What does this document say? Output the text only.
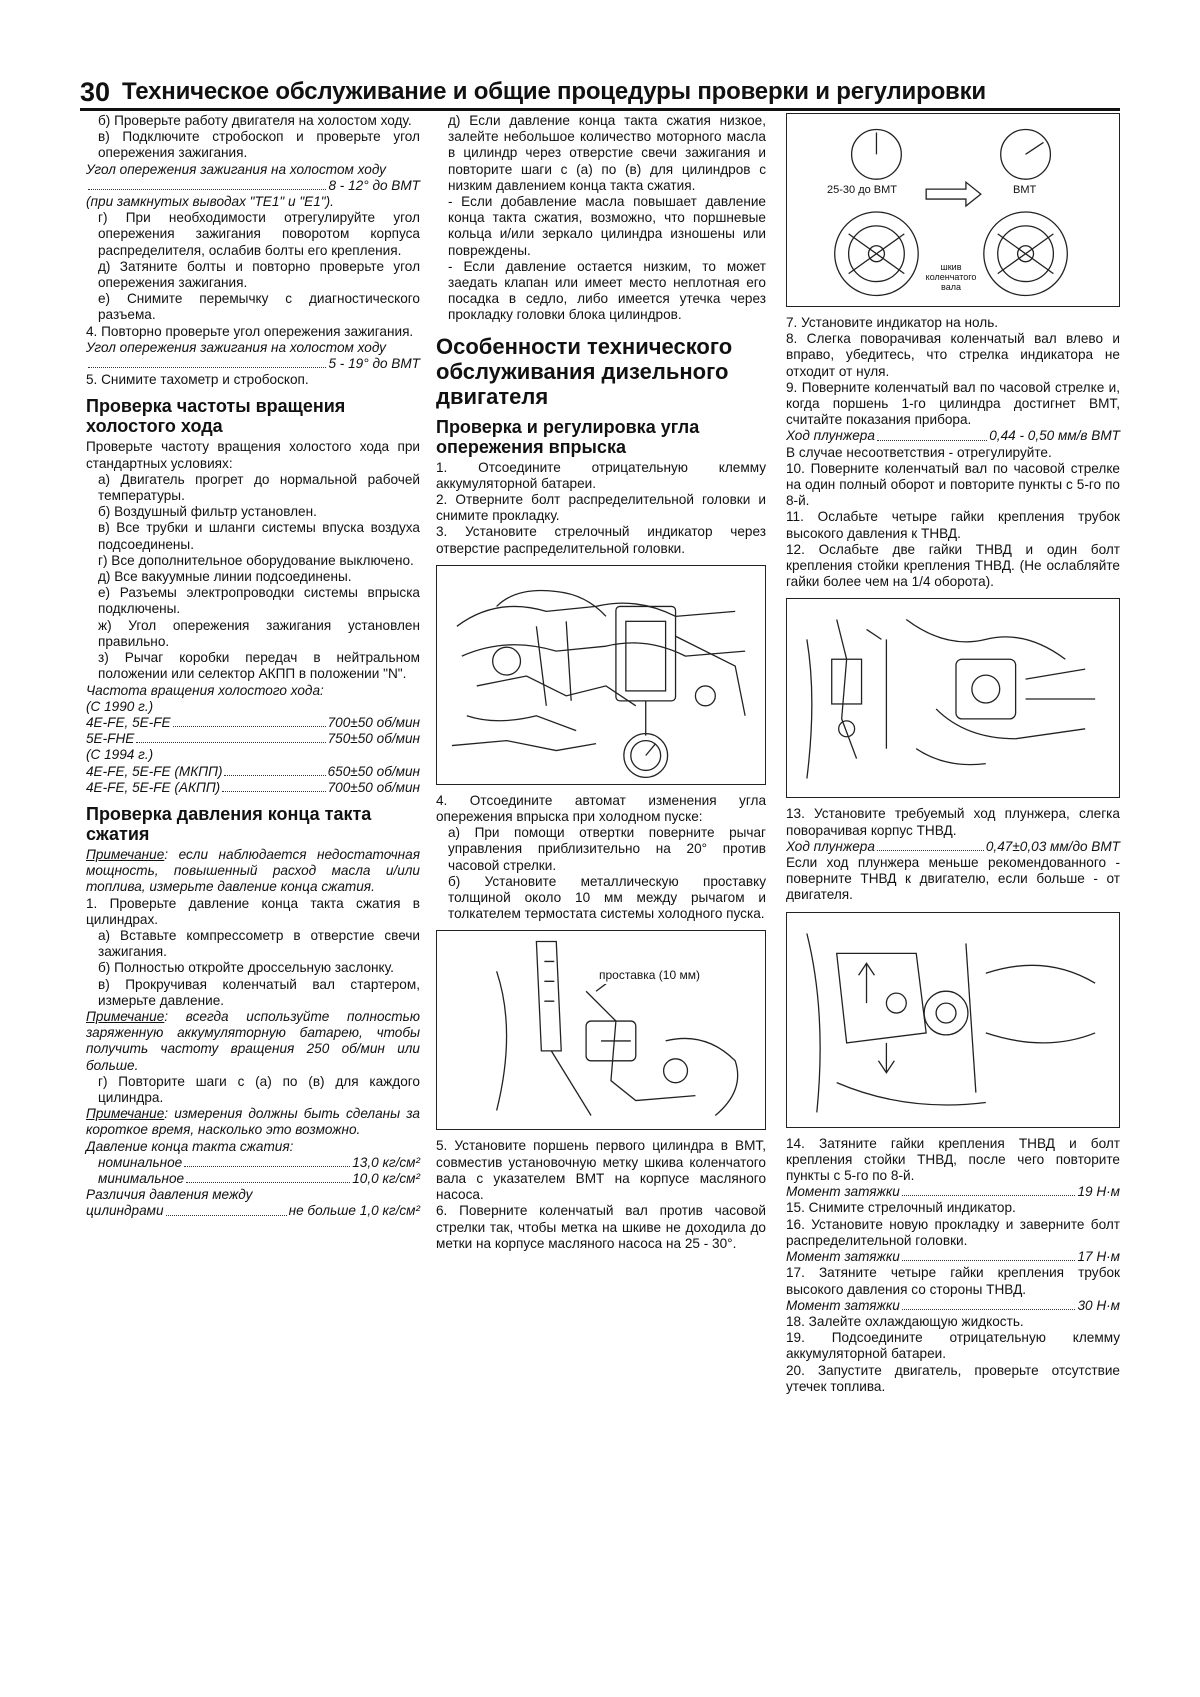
30 Техническое обслуживание и общие процедуры проверки и регулировки

б) Проверьте работу двигателя на холостом ходу.

в) Подключите стробоскоп и проверьте угол опережения зажигания.

Угол опережения зажигания на холостом ходу
8 - 12° до ВМТ

(при замкнутых выводах "TE1" и "E1").

г) При необходимости отрегулируйте угол опережения зажигания поворотом корпуса распределителя, ослабив болты его крепления.

д) Затяните болты и повторно проверьте угол опережения зажигания.

е) Снимите перемычку с диагностического разъема.

4. Повторно проверьте угол опережения зажигания.

Угол опережения зажигания на холостом ходу
5 - 19° до ВМТ

5. Снимите тахометр и стробоскоп.

Проверка частоты вращения холостого хода

Проверьте частоту вращения холостого хода при стандартных условиях:

а) Двигатель прогрет до нормальной рабочей температуры.

б) Воздушный фильтр установлен.

в) Все трубки и шланги системы впуска воздуха подсоединены.

г) Все дополнительное оборудование выключено.

д) Все вакуумные линии подсоединены.

е) Разъемы электропроводки системы впрыска подключены.

ж) Угол опережения зажигания установлен правильно.

з) Рычаг коробки передач в нейтральном положении или селектор АКПП в положении "N".

Частота вращения холостого хода:

(С 1990 г.)

4E-FE, 5E-FE	700±50 об/мин
5E-FHE	750±50 об/мин

(С 1994 г.)

4E-FE, 5E-FE (МКПП)	650±50 об/мин
4E-FE, 5E-FE (АКПП)	700±50 об/мин
Проверка давления конца такта сжатия

Примечание: если наблюдается недостаточная мощность, повышенный расход масла и/или топлива, измерьте давление конца сжатия.

1. Проверьте давление конца такта сжатия в цилиндрах.

а) Вставьте компрессометр в отверстие свечи зажигания.

б) Полностью откройте дроссельную заслонку.

в) Прокручивая коленчатый вал стартером, измерьте давление.

Примечание: всегда используйте полностью заряженную аккумуляторную батарею, чтобы получить частоту вращения 250 об/мин или больше.

г) Повторите шаги с (а) по (в) для каждого цилиндра.

Примечание: измерения должны быть сделаны за короткое время, насколько это возможно.

Давление конца такта сжатия:

номинальное	13,0 кг/см²
минимальное	10,0 кг/см²

Различия давления между

цилиндрами	не больше 1,0 кг/см²

д) Если давление конца такта сжатия низкое, залейте небольшое количество моторного масла в цилиндр через отверстие свечи зажигания и повторите шаги с (а) по (в) для цилиндров с низким давлением конца такта сжатия.

- Если добавление масла повышает давление конца такта сжатия, возможно, что поршневые кольца и/или зеркало цилиндра изношены или повреждены.

- Если давление остается низким, то может заедать клапан или имеет место неплотная его посадка в седло, либо имеется утечка через прокладку головки блока цилиндров.

Особенности технического обслуживания дизельного двигателя
Проверка и регулировка угла опережения впрыска

1. Отсоедините отрицательную клемму аккумуляторной батареи.

2. Отверните болт распределительной головки и снимите прокладку.

3. Установите стрелочный индикатор через отверстие распределительной головки.

4. Отсоедините автомат изменения угла опережения впрыска при холодном пуске:

а) При помощи отвертки поверните рычаг управления приблизительно на 20° против часовой стрелки.

б) Установите металлическую проставку толщиной около 10 мм между рычагом и толкателем термостата системы холодного пуска.

проставка (10 мм)

5. Установите поршень первого цилиндра в ВМТ, совместив установочную метку шкива коленчатого вала с указателем ВМТ на корпусе масляного насоса.

6. Поверните коленчатый вал против часовой стрелки так, чтобы метка на шкиве не доходила до метки на корпусе масляного насоса на 25 - 30°.

25-30 до ВМТ	ВМТ
шкив коленчатого вала

7. Установите индикатор на ноль.

8. Слегка поворачивая коленчатый вал влево и вправо, убедитесь, что стрелка индикатора не отходит от нуля.

9. Поверните коленчатый вал по часовой стрелке и, когда поршень 1-го цилиндра достигнет ВМТ, считайте показания прибора.

Ход плунжера	0,44 - 0,50 мм/в ВМТ

В случае несоответствия - отрегулируйте.

10. Поверните коленчатый вал по часовой стрелке на один полный оборот и повторите пункты с 5-го по 8-й.

11. Ослабьте четыре гайки крепления трубок высокого давления к ТНВД.

12. Ослабьте две гайки ТНВД и один болт крепления стойки крепления ТНВД. (Не ослабляйте гайки более чем на 1/4 оборота).

13. Установите требуемый ход плунжера, слегка поворачивая корпус ТНВД.

Ход плунжера	0,47±0,03 мм/до ВМТ

Если ход плунжера меньше рекомендованного - поверните ТНВД к двигателю, если больше - от двигателя.

14. Затяните гайки крепления ТНВД и болт крепления стойки ТНВД, после чего повторите пункты с 5-го по 8-й.

Момент затяжки	19 Н·м

15. Снимите стрелочный индикатор.

16. Установите новую прокладку и заверните болт распределительной головки.

Момент затяжки	17 Н·м

17. Затяните четыре гайки крепления трубок высокого давления со стороны ТНВД.

Момент затяжки	30 Н·м

18. Залейте охлаждающую жидкость.

19. Подсоедините отрицательную клемму аккумуляторной батареи.

20. Запустите двигатель, проверьте отсутствие утечек топлива.
